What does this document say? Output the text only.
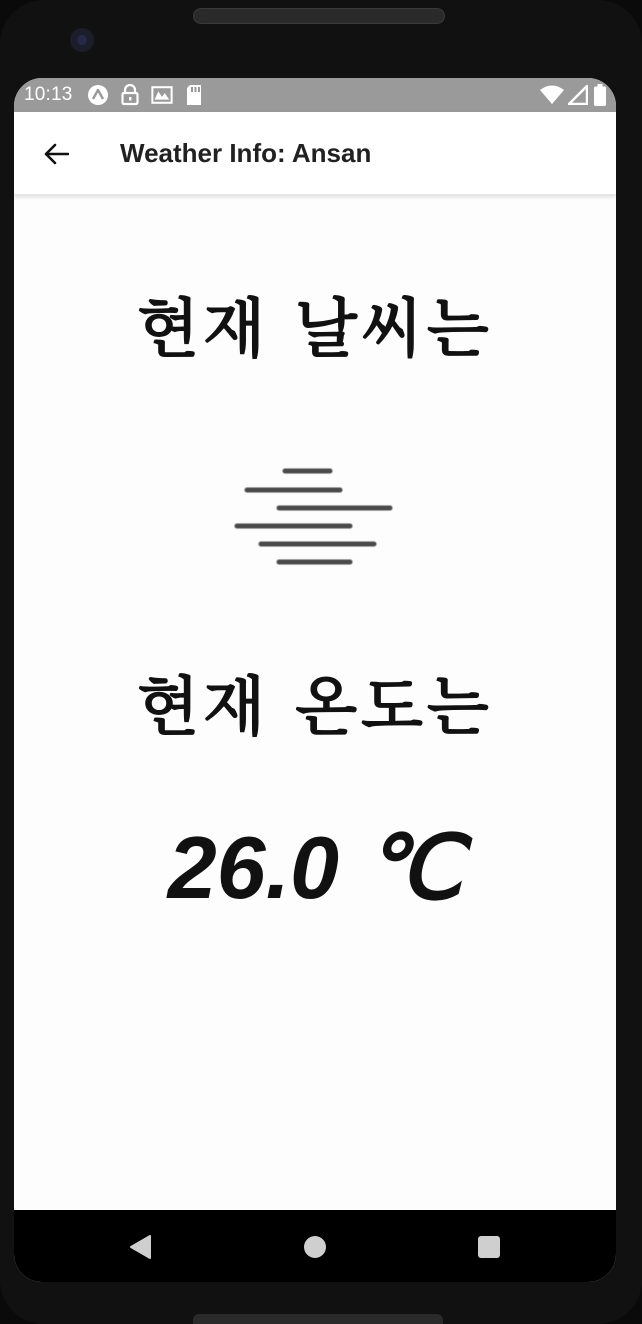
10:13
Weather Info: Ansan
현재 날씨는
현재 온도는
26.0 ℃
